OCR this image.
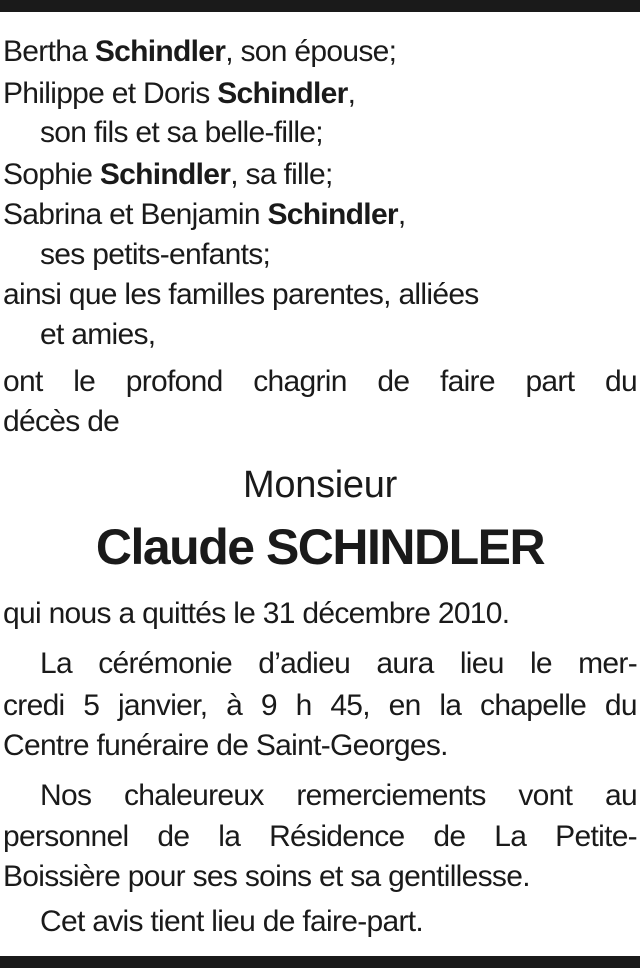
Bertha Schindler, son épouse;
Philippe et Doris Schindler,
son fils et sa belle-fille;
Sophie Schindler, sa fille;
Sabrina et Benjamin Schindler,
ses petits-enfants;
ainsi que les familles parentes, alliées
et amies,
ont le profond chagrin de faire part du
décès de
Monsieur
Claude SCHINDLER
qui nous a quittés le 31 décembre 2010.
La cérémonie d’adieu aura lieu le mer-
credi 5 janvier, à 9 h 45, en la chapelle du
Centre funéraire de Saint-Georges.
Nos chaleureux remerciements vont au
personnel de la Résidence de La Petite-
Boissière pour ses soins et sa gentillesse.
Cet avis tient lieu de faire-part.
